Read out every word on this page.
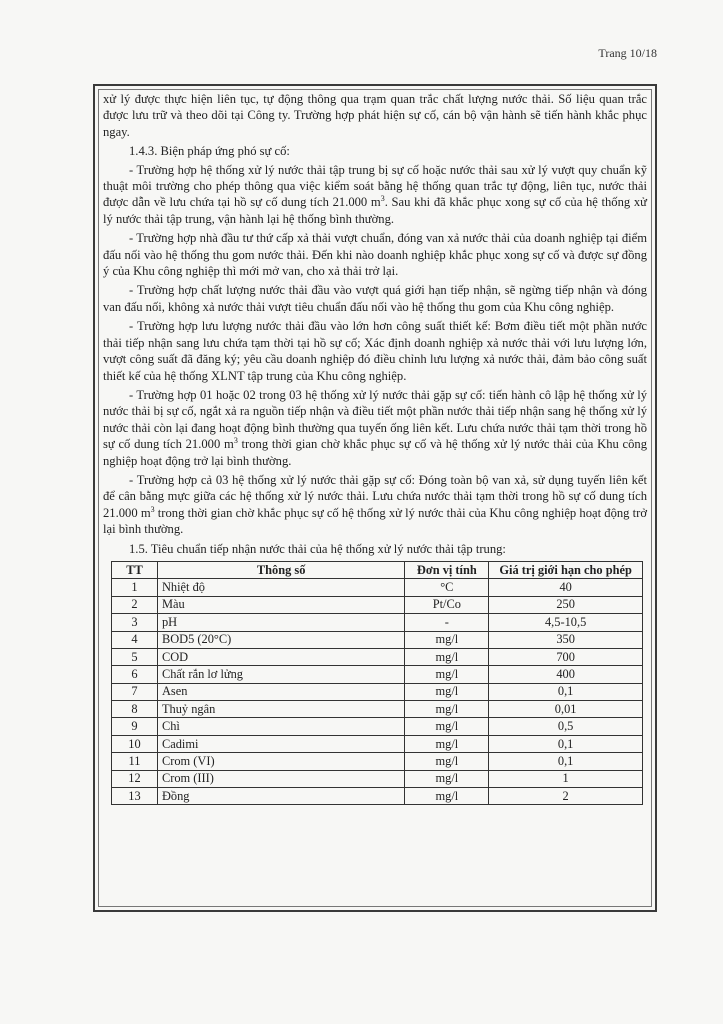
Trang 10/18

xử lý được thực hiện liên tục, tự động thông qua trạm quan trắc chất lượng nước thải. Số liệu quan trắc được lưu trữ và theo dõi tại Công ty. Trường hợp phát hiện sự cố, cán bộ vận hành sẽ tiến hành khắc phục ngay.

1.4.3. Biện pháp ứng phó sự cố:

- Trường hợp hệ thống xử lý nước thải tập trung bị sự cố hoặc nước thải sau xử lý vượt quy chuẩn kỹ thuật môi trường cho phép thông qua việc kiểm soát bằng hệ thống quan trắc tự động, liên tục, nước thải được dẫn về lưu chứa tại hồ sự cố dung tích 21.000 $m^3$. Sau khi đã khắc phục xong sự cố của hệ thống xử lý nước thải tập trung, vận hành lại hệ thống bình thường.

- Trường hợp nhà đầu tư thứ cấp xả thải vượt chuẩn, đóng van xả nước thải của doanh nghiệp tại điểm đấu nối vào hệ thống thu gom nước thải. Đến khi nào doanh nghiệp khắc phục xong sự cố và được sự đồng ý của Khu công nghiệp thì mới mở van, cho xả thải trở lại.

- Trường hợp chất lượng nước thải đầu vào vượt quá giới hạn tiếp nhận, sẽ ngừng tiếp nhận và đóng van đấu nối, không xả nước thải vượt tiêu chuẩn đấu nối vào hệ thống thu gom của Khu công nghiệp.

- Trường hợp lưu lượng nước thải đầu vào lớn hơn công suất thiết kế: Bơm điều tiết một phần nước thải tiếp nhận sang lưu chứa tạm thời tại hồ sự cố; Xác định doanh nghiệp xả nước thải với lưu lượng lớn, vượt công suất đã đăng ký; yêu cầu doanh nghiệp đó điều chỉnh lưu lượng xả nước thải, đảm bảo công suất thiết kế của hệ thống XLNT tập trung của Khu công nghiệp.

- Trường hợp 01 hoặc 02 trong 03 hệ thống xử lý nước thải gặp sự cố: tiến hành cô lập hệ thống xử lý nước thải bị sự cố, ngắt xả ra nguồn tiếp nhận và điều tiết một phần nước thải tiếp nhận sang hệ thống xử lý nước thải còn lại đang hoạt động bình thường qua tuyến ống liên kết. Lưu chứa nước thải tạm thời trong hồ sự cố dung tích 21.000 $m^3$ trong thời gian chờ khắc phục sự cố và hệ thống xử lý nước thải của Khu công nghiệp hoạt động trở lại bình thường.

- Trường hợp cả 03 hệ thống xử lý nước thải gặp sự cố: Đóng toàn bộ van xả, sử dụng tuyến liên kết để cân bằng mực giữa các hệ thống xử lý nước thải. Lưu chứa nước thải tạm thời trong hồ sự cố dung tích 21.000 $m^3$ trong thời gian chờ khắc phục sự cố hệ thống xử lý nước thải của Khu công nghiệp hoạt động trở lại bình thường.

1.5. Tiêu chuẩn tiếp nhận nước thải của hệ thống xử lý nước thải tập trung:

TT	Thông số	Đơn vị tính	Giá trị giới hạn cho phép
1	Nhiệt độ	°C	40
2	Màu	Pt/Co	250
3	pH	-	4,5-10,5
4	BOD5 (20°C)	mg/l	350
5	COD	mg/l	700
6	Chất rắn lơ lửng	mg/l	400
7	Asen	mg/l	0,1
8	Thuỷ ngân	mg/l	0,01
9	Chì	mg/l	0,5
10	Cadimi	mg/l	0,1
11	Crom (VI)	mg/l	0,1
12	Crom (III)	mg/l	1
13	Đồng	mg/l	2
